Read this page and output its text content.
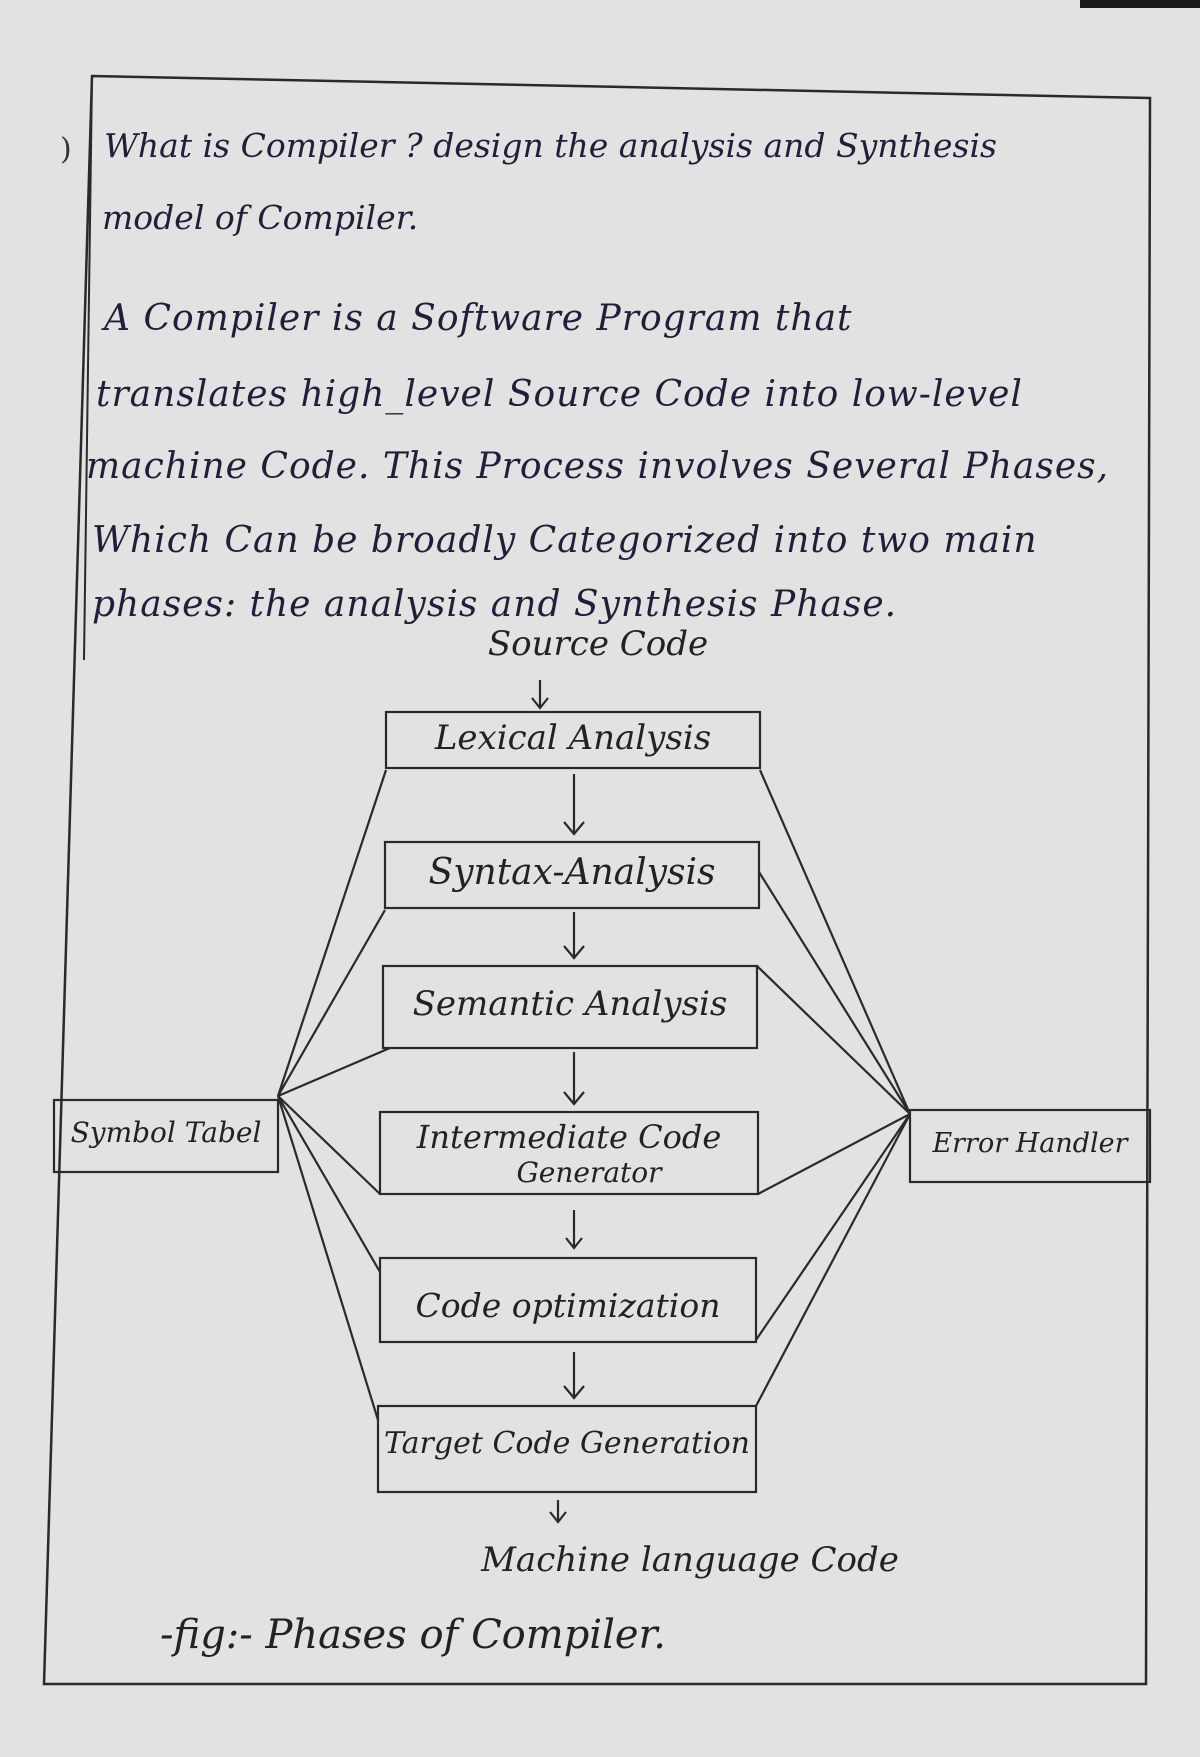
) What is Compiler ? design the analysis and Synthesis
model of Compiler.
A Compiler is a Software Program that
translates high_level Source Code into low-level
machine Code. This Process involves Several Phases,
Which Can be broadly Categorized into two main
phases: the analysis and Synthesis Phase.
Source Code
Lexical Analysis
Syntax-Analysis
Semantic Analysis
Intermediate Code
Generator
Code optimization
Target Code Generation
Symbol Tabel	Error Handler
Machine language Code
-fig:- Phases of Compiler.
